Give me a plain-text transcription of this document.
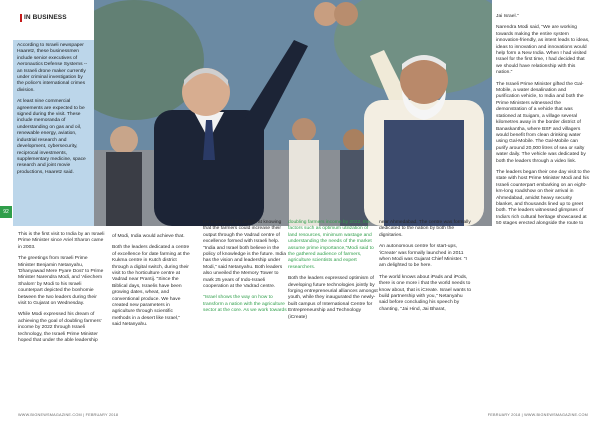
IN BUSINESS
92

According to Israeli newspaper Haaretz, these businessmen include senior executives of Aeronautics Defense Systems -- an Israeli drone maker currently under criminal investigation by the police's international crimes division.

At least nine commercial agreements are expected to be signed during the visit. These include memoranda of understanding on gas and oil, renewable energy, aviation, industrial research and development, cybersecurity, reciprocal investments, supplementary medicine, space research and joint movie productions, Haaretz said.

This is the first visit to India by an Israeli Prime Minister since Ariel Sharon came in 2003.

The greetings from Israeli Prime Minister Benjamin Netanyahu, 'Dhanyawad Mere Pyare Dost' to Prime Minister Narendra Modi, and 'Aliechem Shalom' by Modi to his Israeli counterpart depicted the bonhomie between the two leaders during their visit to Gujarat on Wednesday.

While Modi expressed his dream of achieving the goal of doubling farmers' income by 2022 through Israeli technology, the Israeli Prime Minister hoped that under the able leadership

of Modi, India would achieve that.

Both the leaders dedicated a centre of excellence for date farming at the Kukma centre in Kutch district through a digital switch, during their visit to the horticulture centre at Vadrad near Prantij. "Since the Biblical days, Israelis have been growing dates, wheat, and conventional produce. We have created new parameters in agriculture through scientific methods in a desert like Israel," said Netanyahu.

He expressed his delight at knowing that the farmers could increase their output through the Vadrad centre of excellence formed with Israeli help. "India and Israel both believe in the policy of knowledge is the future. India has the vision and leadership under Modi," said Netanyahu. Both leaders also unveiled the Memory Tower to mark 25 years of Indo-Israeli cooperation at the Vadrad centre.

"Israel shows the way on how to transform a nation with the agriculture sector at the core. As we work towards

doubling farmers income by 2022, the factors such as optimum utilization of land resources, minimum wastage and understanding the needs of the market assume prime importance,"Modi said to the gathered audience of farmers, agriculture scientists and expert researchers.

Both the leaders expressed optimism of developing future technologies jointly by forging entrepreneurial alliances amongst youth, while they inaugurated the newly-built campus of International Centre for Entrepreneurship and Technology (iCreate)

near Ahmedabad. The centre was formally dedicated to the nation by both the dignitaries.

An autonomous centre for start-ups, 'iCreate' was formally launched in 2011 when Modi was Gujarat Chief Minister. "I am delighted to be here.

The world knows about iPads and iPods, there is one more i that the world needs to know about, that is iCreate. Israel wants to build partnership with you," Netanyahu said before concluding his speech by chanting, "Jai Hind, Jai Bharat,

Jai Israel."

Narendra Modi said, "We are working towards making the entire system innovation-friendly, as intent leads to ideas, ideas to innovation and innovations would help form a New India. When I had visited Israel for the first time, I had decided that we should have relationship with this nation."

The Israeli Prime Minister gifted the Gal-Mobile, a water desalination and purification vehicle, to India and both the Prime Ministers witnessed the demonstration of a vehicle that was stationed at Suigam, a village several kilometres away in the border district of Banaskantha, where BSF and villagers would benefit from clean drinking water using Gal-Mobile. The Gal-Mobile can purify around 20,000 litres of sea or salty water daily. The vehicle was dedicated by both the leaders through a video link.

The leaders began their one day visit to the state with host Prime Minister Modi and his Israeli counterpart embarking on an eight-km-long roadshow on their arrival in Ahmedabad, amidst heavy security blanket, and thousands lined up to greet both. The leaders witnessed glimpses of India's rich cultural heritage showcased at 50 stages erected alongside the route to

WWW.BIGNEWSMAGAZINE.COM | FEBRUARY 2018	FEBRUARY 2018 | WWW.BIGNEWSMAGAZINE.COM
